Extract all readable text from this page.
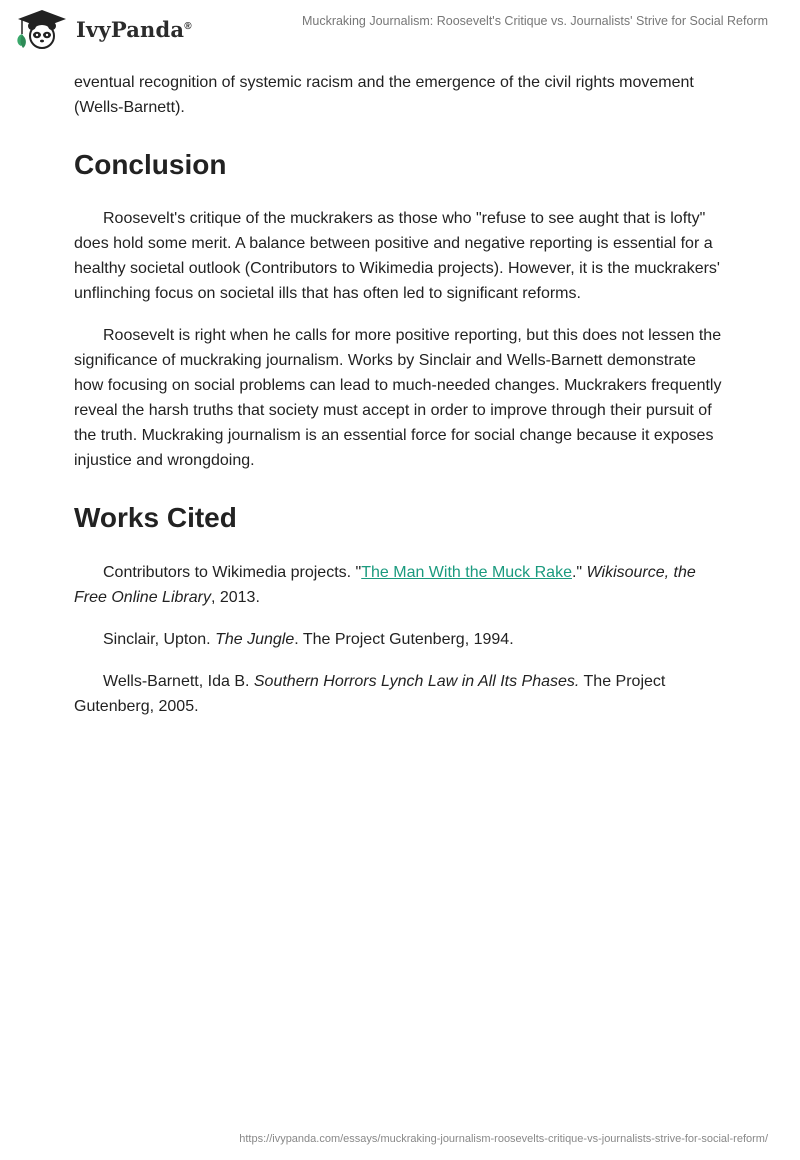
IvyPanda®	Muckraking Journalism: Roosevelt's Critique vs. Journalists' Strive for Social Reform

eventual recognition of systemic racism and the emergence of the civil rights movement (Wells-Barnett).

Conclusion

Roosevelt's critique of the muckrakers as those who "refuse to see aught that is lofty" does hold some merit. A balance between positive and negative reporting is essential for a healthy societal outlook (Contributors to Wikimedia projects). However, it is the muckrakers' unflinching focus on societal ills that has often led to significant reforms.

Roosevelt is right when he calls for more positive reporting, but this does not lessen the significance of muckraking journalism. Works by Sinclair and Wells-Barnett demonstrate how focusing on social problems can lead to much-needed changes. Muckrakers frequently reveal the harsh truths that society must accept in order to improve through their pursuit of the truth. Muckraking journalism is an essential force for social change because it exposes injustice and wrongdoing.

Works Cited

Contributors to Wikimedia projects. "The Man With the Muck Rake." Wikisource, the Free Online Library, 2013.

Sinclair, Upton. The Jungle. The Project Gutenberg, 1994.

Wells-Barnett, Ida B. Southern Horrors Lynch Law in All Its Phases. The Project Gutenberg, 2005.

https://ivypanda.com/essays/muckraking-journalism-roosevelts-critique-vs-journalists-strive-for-social-reform/
